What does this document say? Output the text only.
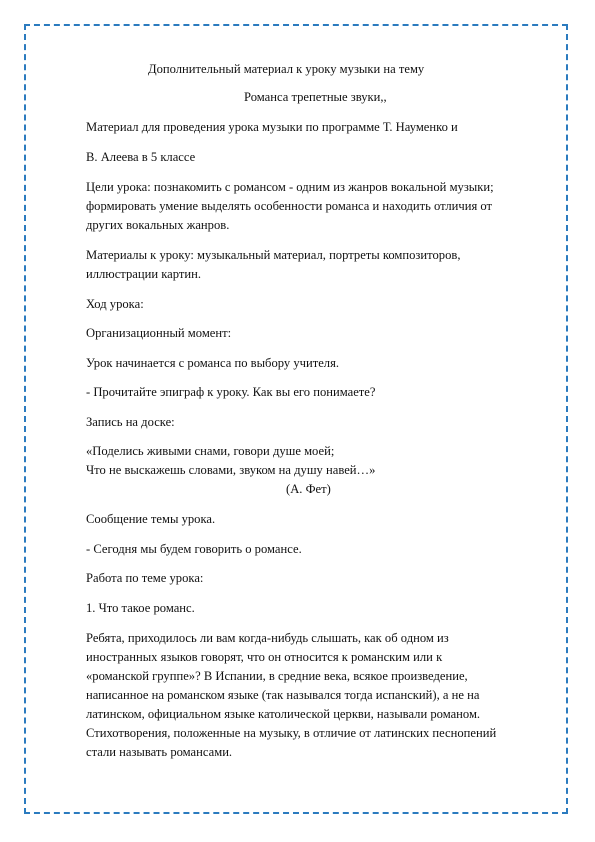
Дополнительный материал к уроку музыки на тему
Романса трепетные звуки,,
Материал для проведения урока музыки по программе Т. Науменко и
В. Алеева в 5 классе
Цели урока: познакомить с романсом - одним из жанров вокальной музыки;
формировать умение выделять особенности романса и находить отличия от
других вокальных жанров.
Материалы к уроку: музыкальный материал, портреты композиторов,
иллюстрации картин.
Ход урока:
Организационный момент:
Урок начинается с романса по выбору учителя.
- Прочитайте эпиграф к уроку. Как вы его понимаете?
Запись на доске:
«Поделись живыми снами, говори душе моей;
Что не выскажешь словами, звуком на душу навей…»
(А. Фет)
Сообщение темы урока.
- Сегодня мы будем говорить о романсе.
Работа по теме урока:
1. Что такое романс.
Ребята, приходилось ли вам когда-нибудь слышать, как об одном из
иностранных языков говорят, что он относится к романским или к
«романской группе»? В Испании, в средние века, всякое произведение,
написанное на романском языке (так назывался тогда испанский), а не на
латинском, официальном языке католической церкви, называли романом.
Стихотворения, положенные на музыку, в отличие от латинских песнопений
стали называть романсами.
